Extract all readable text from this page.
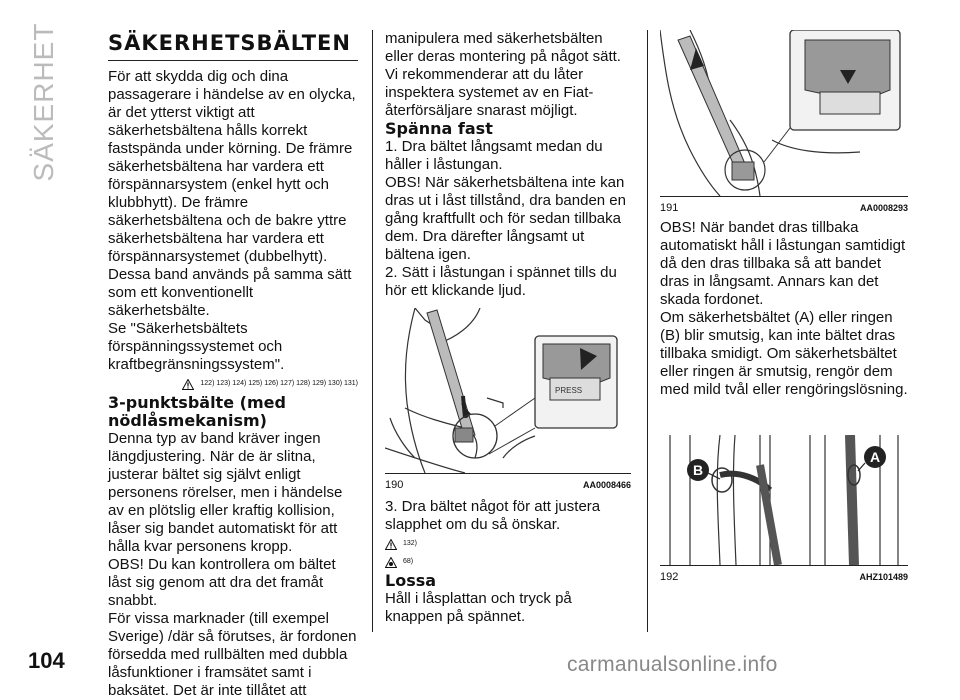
SÄKERHET SÄKERHETSBÄLTEN

För att skydda dig och dina passagerare i händelse av en olycka, är det ytterst viktigt att säkerhetsbältena hålls korrekt fastspända under körning. De främre säkerhetsbältena har vardera ett förspännarsystem (enkel hytt och klubbhytt). De främre säkerhetsbältena och de bakre yttre säkerhetsbältena har vardera ett förspännarsystemet (dubbelhytt).

Dessa band används på samma sätt som ett konventionellt säkerhetsbälte.

Se "Säkerhetsbältets förspänningssystemet och kraftbegränsningssystem".

122) 123) 124) 125) 126) 127) 128) 129) 130) 131)
3-punktsbälte (med nödlåsmekanism)

Denna typ av band kräver ingen längdjustering. När de är slitna, justerar bältet sig självt enligt personens rörelser, men i händelse av en plötslig eller kraftig kollision, låser sig bandet automatiskt för att hålla kvar personens kropp.

OBS! Du kan kontrollera om bältet låst sig genom att dra det framåt snabbt.

För vissa marknader (till exempel Sverige) /där så förutses, är fordonen försedda med rullbälten med dubbla låsfunktioner i framsätet samt i baksätet. Det är inte tillåtet att

manipulera med säkerhetsbälten eller deras montering på något sätt. Vi rekommenderar att du låter inspektera systemet av en Fiat-återförsäljare snarast möjligt.

Spänna fast

1. Dra bältet långsamt medan du håller i låstungan.

OBS! När säkerhetsbältena inte kan dras ut i låst tillstånd, dra banden en gång kraftfullt och för sedan tillbaka dem. Dra därefter långsamt ut bältena igen.

2. Sätt i låstungan i spännet tills du hör ett klickande ljud.

PRESS
190	AA0008466

3. Dra bältet något för att justera slapphet om du så önskar.

132)
68)
Lossa

Håll i låsplattan och tryck på knappen på spännet.

191	AA0008293

OBS! När bandet dras tillbaka automatiskt håll i låstungan samtidigt då den dras tillbaka så att bandet dras in långsamt. Annars kan det skada fordonet.

Om säkerhetsbältet (A) eller ringen (B) blir smutsig, kan inte bältet dras tillbaka smidigt. Om säkerhetsbältet eller ringen är smutsig, rengör dem med mild tvål eller rengöringslösning.

B
A
192	AHZ101489
104	carmanualsonline.info
